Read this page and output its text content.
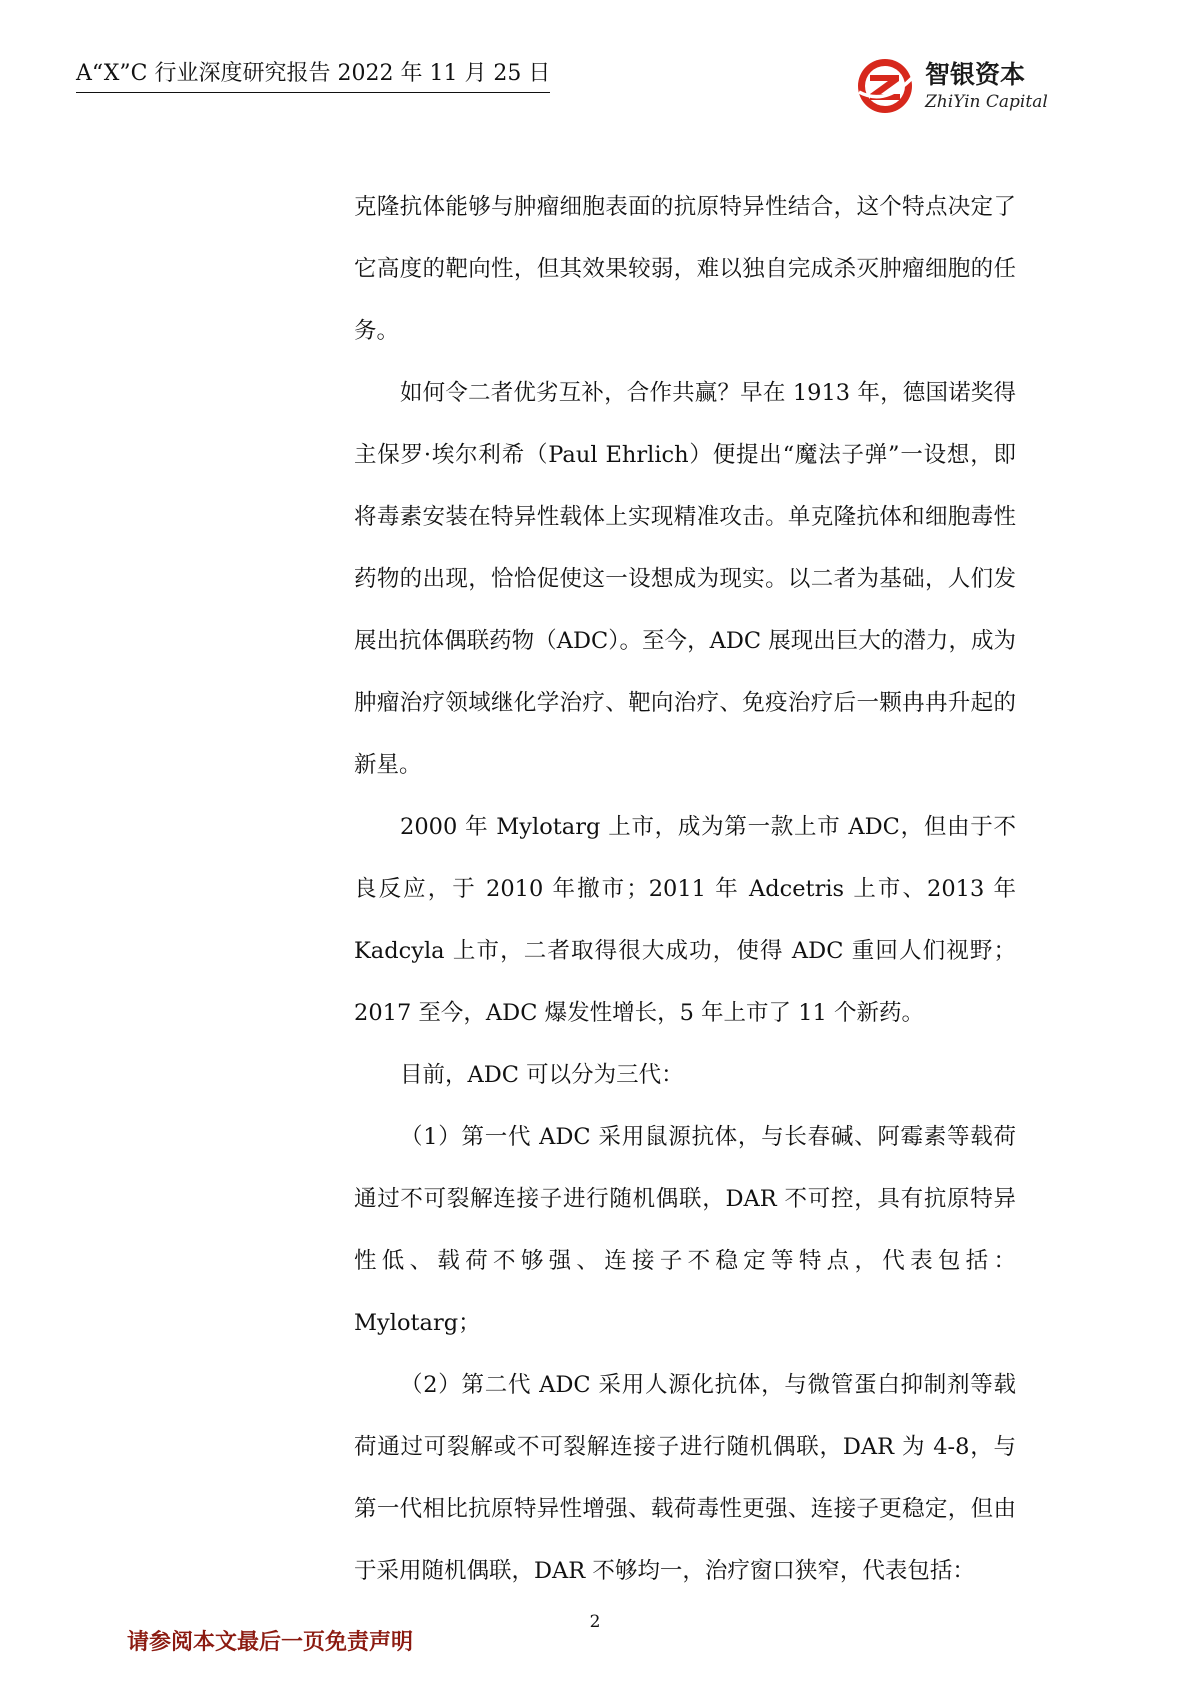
A“X”C 行业深度研究报告 2022 年 11 月 25 日	智银资本
ZhiYin Capital

克隆抗体能够与肿瘤细胞表面的抗原特异性结合，这个特点决定了它高度的靶向性，但其效果较弱，难以独自完成杀灭肿瘤细胞的任务。

如何令二者优劣互补，合作共赢？早在 1913 年，德国诺奖得主保罗·埃尔利希（Paul Ehrlich）便提出“魔法子弹”一设想，即将毒素安装在特异性载体上实现精准攻击。单克隆抗体和细胞毒性药物的出现，恰恰促使这一设想成为现实。以二者为基础，人们发展出抗体偶联药物（ADC）。至今，ADC 展现出巨大的潜力，成为肿瘤治疗领域继化学治疗、靶向治疗、免疫治疗后一颗冉冉升起的新星。

2000 年 Mylotarg 上市，成为第一款上市 ADC，但由于不良反应，于 2010 年撤市；2011 年 Adcetris 上市、2013 年 Kadcyla 上市，二者取得很大成功，使得 ADC 重回人们视野；2017 至今，ADC 爆发性增长，5 年上市了 11 个新药。

目前，ADC 可以分为三代：

（1）第一代 ADC 采用鼠源抗体，与长春碱、阿霉素等载荷通过不可裂解连接子进行随机偶联，DAR 不可控，具有抗原特异性低、载荷不够强、连接子不稳定等特点，代表包括：Mylotarg；

（2）第二代 ADC 采用人源化抗体，与微管蛋白抑制剂等载荷通过可裂解或不可裂解连接子进行随机偶联，DAR 为 4-8，与第一代相比抗原特异性增强、载荷毒性更强、连接子更稳定，但由于采用随机偶联，DAR 不够均一，治疗窗口狭窄，代表包括：

2
请参阅本文最后一页免责声明
